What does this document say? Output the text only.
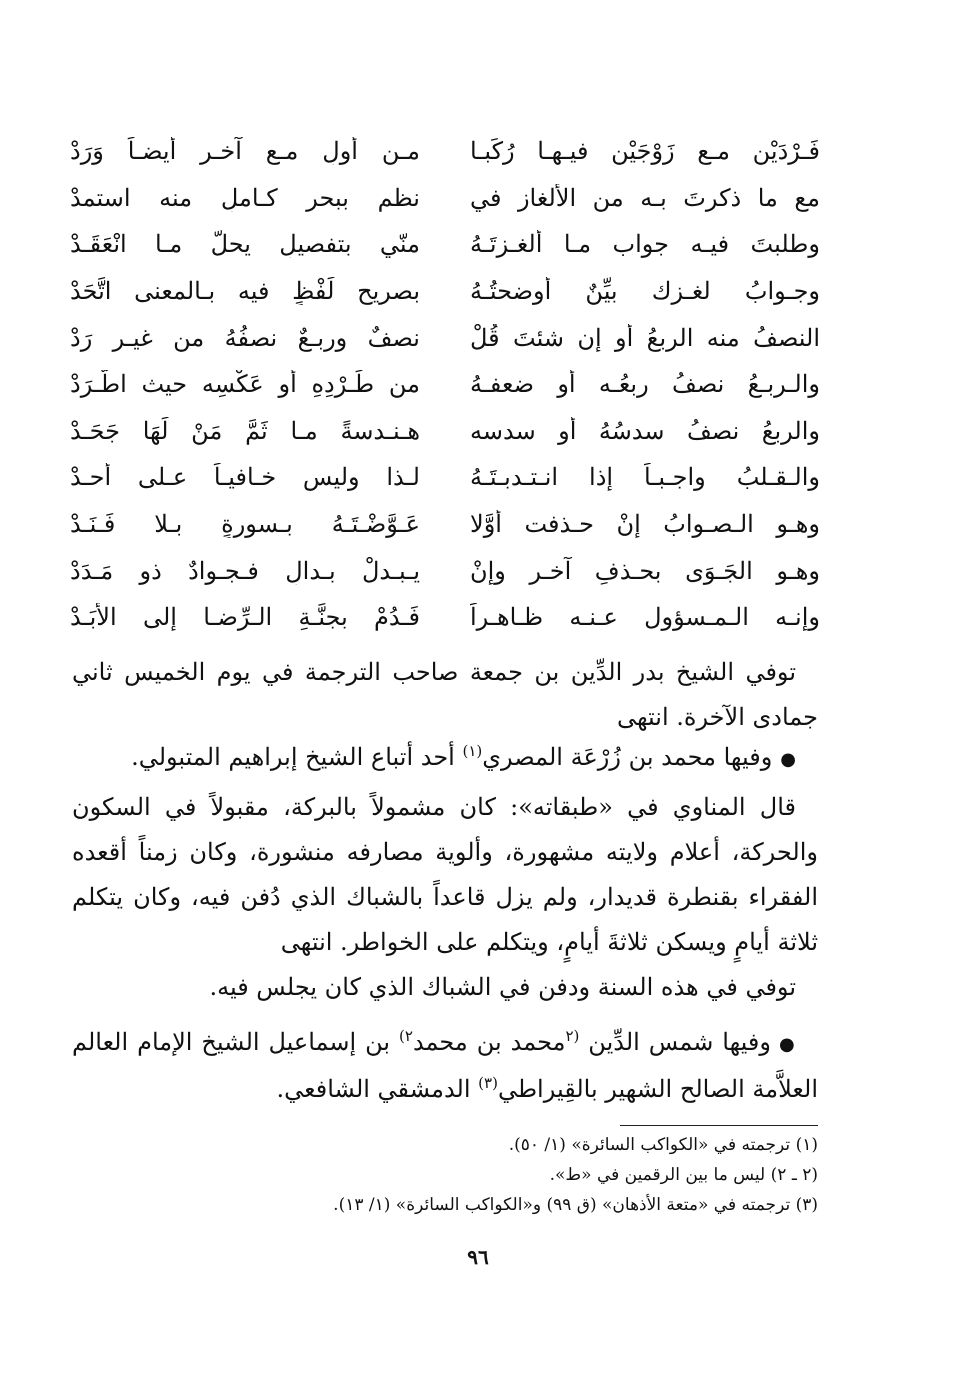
فَـرْدَيْن مـع زَوْجَيْن فيـهـا رُكِّبـا
مـن أولٍ مـع آخـرٍ أيضـاً وَرَدْ
مع ما ذكرتَ بـه من الألغاز في
نظمٍ ببحرٍ كـاملٍ منه استمدْ
وطلبتَ فيـه جواب مـا ألغـزتَـهُ
منّي بتفصيلٍ يحلُّ مـا انْعَقَـدْ
وجـوابُ لغـزك بيِّنٌ أوضحتُـهُ
بصريحِ لَفْظٍ فيه بـالمعنى اتَّحَدْ
النصفُ منه الربعُ أو إن شئتَ قُلْ
نصفٌ وربـعٌ نصفُهُ من غيـر رَدْ
والـربـعُ نصفُ ربعُـه أو ضعفـهُ
من طَـرْدِهِ أو عَكْسِه حيث اطَّـرَدْ
والربعُ نصفُ سدسُهُ أو سدسه
هـنـدسةً مـا ثَمَّ مَنْ لَهَا جَحَـدْ
والـقـلبُ واجـبـاً إذا انـتـدبـتَـهُ
لـذا وليس خـافيـاً عـلى أحـدْ
وهـو الـصـوابُ إنْ حـذفت أوَّلا
عَـوَّضْـتَـهُ بـسورةٍ بـلا فَـنَـدْ
وهـو الجَـوَى بحـذفِ آخـرٍ وإنْ
يـبـدلْ بـدالٍ فـجـوادٌ ذو مَـدَدْ
وإنـه الـمـسؤول عـنـه ظـاهـراً
فَـدُمْ بجنَّـةِ الـرِّضـا إلى الأَبَـدْ

توفي الشيخ بدر الدِّين بن جمعة صاحب الترجمة في يوم الخميس ثاني جمادى الآخرة. انتهى

●وفيها محمد بن زُرْعَة المصري$^{(١)}$ أحد أتباع الشيخ إبراهيم المتبولي.

قال المناوي في «طبقاته»: كان مشمولاً بالبركة، مقبولاً في السكون والحركة، أعلام ولايته مشهورة، وألوية مصارفه منشورة، وكان زمناً أقعده الفقراء بقنطرة قديدار، ولم يزل قاعداً بالشباك الذي دُفن فيه، وكان يتكلم ثلاثة أيامٍ ويسكن ثلاثةَ أيامٍ، ويتكلم على الخواطر. انتهى

توفي في هذه السنة ودفن في الشباك الذي كان يجلس فيه.

●وفيها شمس الدِّين $^{(٢}$محمد بن محمد$^{٢)}$ بن إسماعيل الشيخ الإمام العالم العلاَّمة الصالح الشهير بالقِيراطي$^{(٣)}$ الدمشقي الشافعي.

(١) ترجمته في «الكواكب السائرة» (١/ ٥٠).

(٢ ـ ٢) ليس ما بين الرقمين في «ط».

(٣) ترجمته في «متعة الأذهان» (ق ٩٩) و«الكواكب السائرة» (١/ ١٣).

٩٦
